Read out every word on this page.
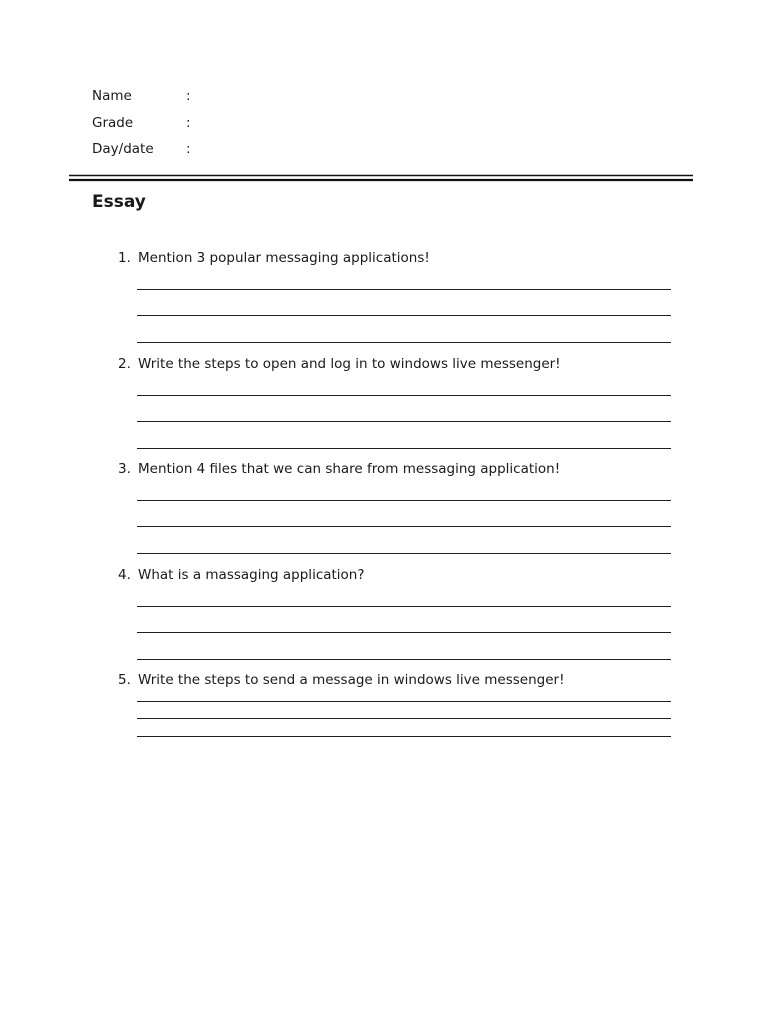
Name	:
Grade	:
Day/date :
Essay
1. Mention 3 popular messaging applications!
2. Write the steps to open and log in to windows live messenger!
3. Mention 4 files that we can share from messaging application!
4. What is a massaging application?
5. Write the steps to send a message in windows live messenger!
